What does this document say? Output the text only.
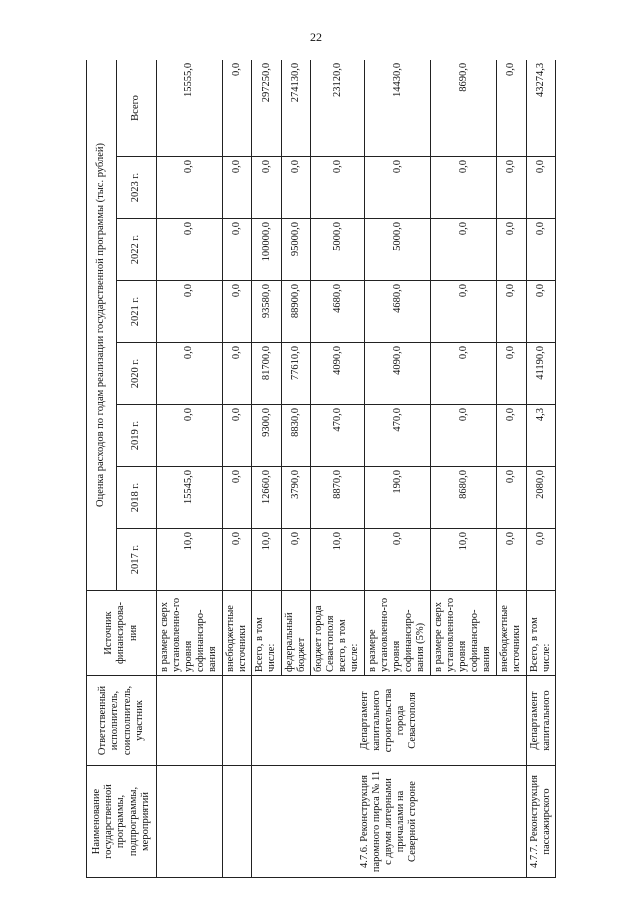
22
Наименование государственной программы, подпрограммы, мероприятий	Ответственный исполнитель, соисполнитель, участник	Источник финансирова-ния	Оценка расходов по годам реализации государственной программы (тыс. рублей)							
			2017 г.	2018 г.	2019 г.	2020 г.	2021 г.	2022 г.	2023 г.	Всего
		в размере сверх установленно-го уровня софинансиро-вания	10,0	15545,0	0,0	0,0	0,0	0,0	0,0	15555,0
		внебюджетные источники	0,0	0,0	0,0	0,0	0,0	0,0	0,0	0,0
4.7.6. Реконструкция паромного пирса № 11 с двумя литерными причалами на Северной стороне	Департамент капитального строительства города Севастополя	Всего, в том числе:	10,0	12660,0	9300,0	81700,0	93580,0	100000,0	0,0	297250,0
		федеральный бюджет	0,0	3790,0	8830,0	77610,0	88900,0	95000,0	0,0	274130,0
		бюджет города Севастополя всего, в том числе:	10,0	8870,0	470,0	4090,0	4680,0	5000,0	0,0	23120,0
		в размере установленно-го уровня софинансиро-вания (5%)	0,0	190,0	470,0	4090,0	4680,0	5000,0	0,0	14430,0
		в размере сверх установленно-го уровня софинансиро-вания	10,0	8680,0	0,0	0,0	0,0	0,0	0,0	8690,0
		внебюджетные источники	0,0	0,0	0,0	0,0	0,0	0,0	0,0	0,0
4.7.7. Реконструкция пассажирского	Департамент капитального	Всего, в том числе:	0,0	2080,0	4,3	41190,0	0,0	0,0	0,0	43274,3
